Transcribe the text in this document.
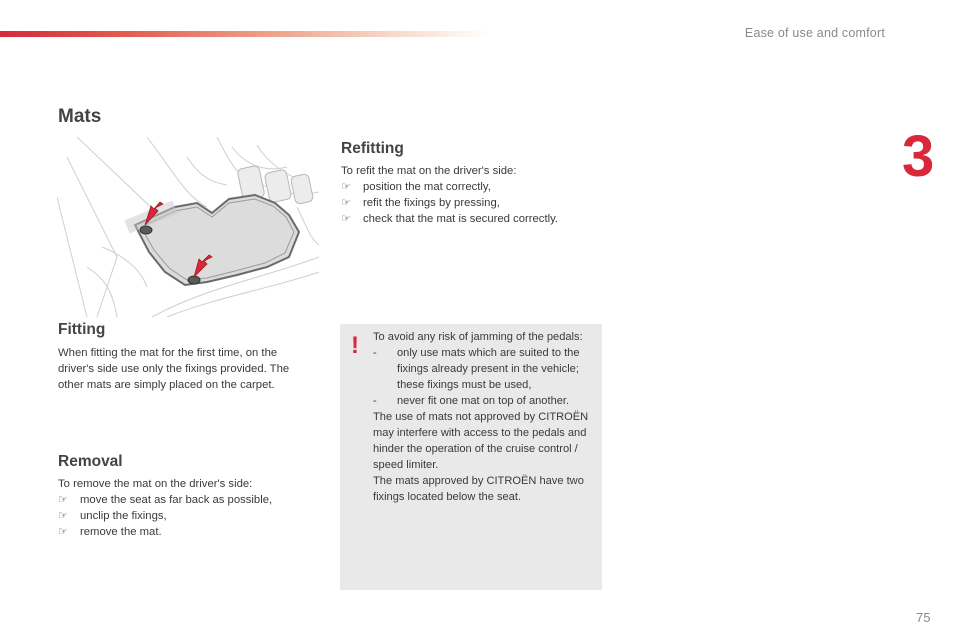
Ease of use and comfort
3
Mats
Fitting

When fitting the mat for the first time, on the driver's side use only the fixings provided. The other mats are simply placed on the carpet.

Removal
To remove the mat on the driver's side:
☞ move the seat as far back as possible,
☞ unclip the fixings,
☞ remove the mat.
Refitting
To refit the mat on the driver's side:
☞ position the mat correctly,
☞ refit the fixings by pressing,
☞ check that the mat is secured correctly.
! To avoid any risk of jamming of the pedals:

- only use mats which are suited to the fixings already present in the vehicle; these fixings must be used,
- never fit one mat on top of another.

The use of mats not approved by CITROËN may interfere with access to the pedals and hinder the operation of the cruise control / speed limiter.

The mats approved by CITROËN have two fixings located below the seat.

75
